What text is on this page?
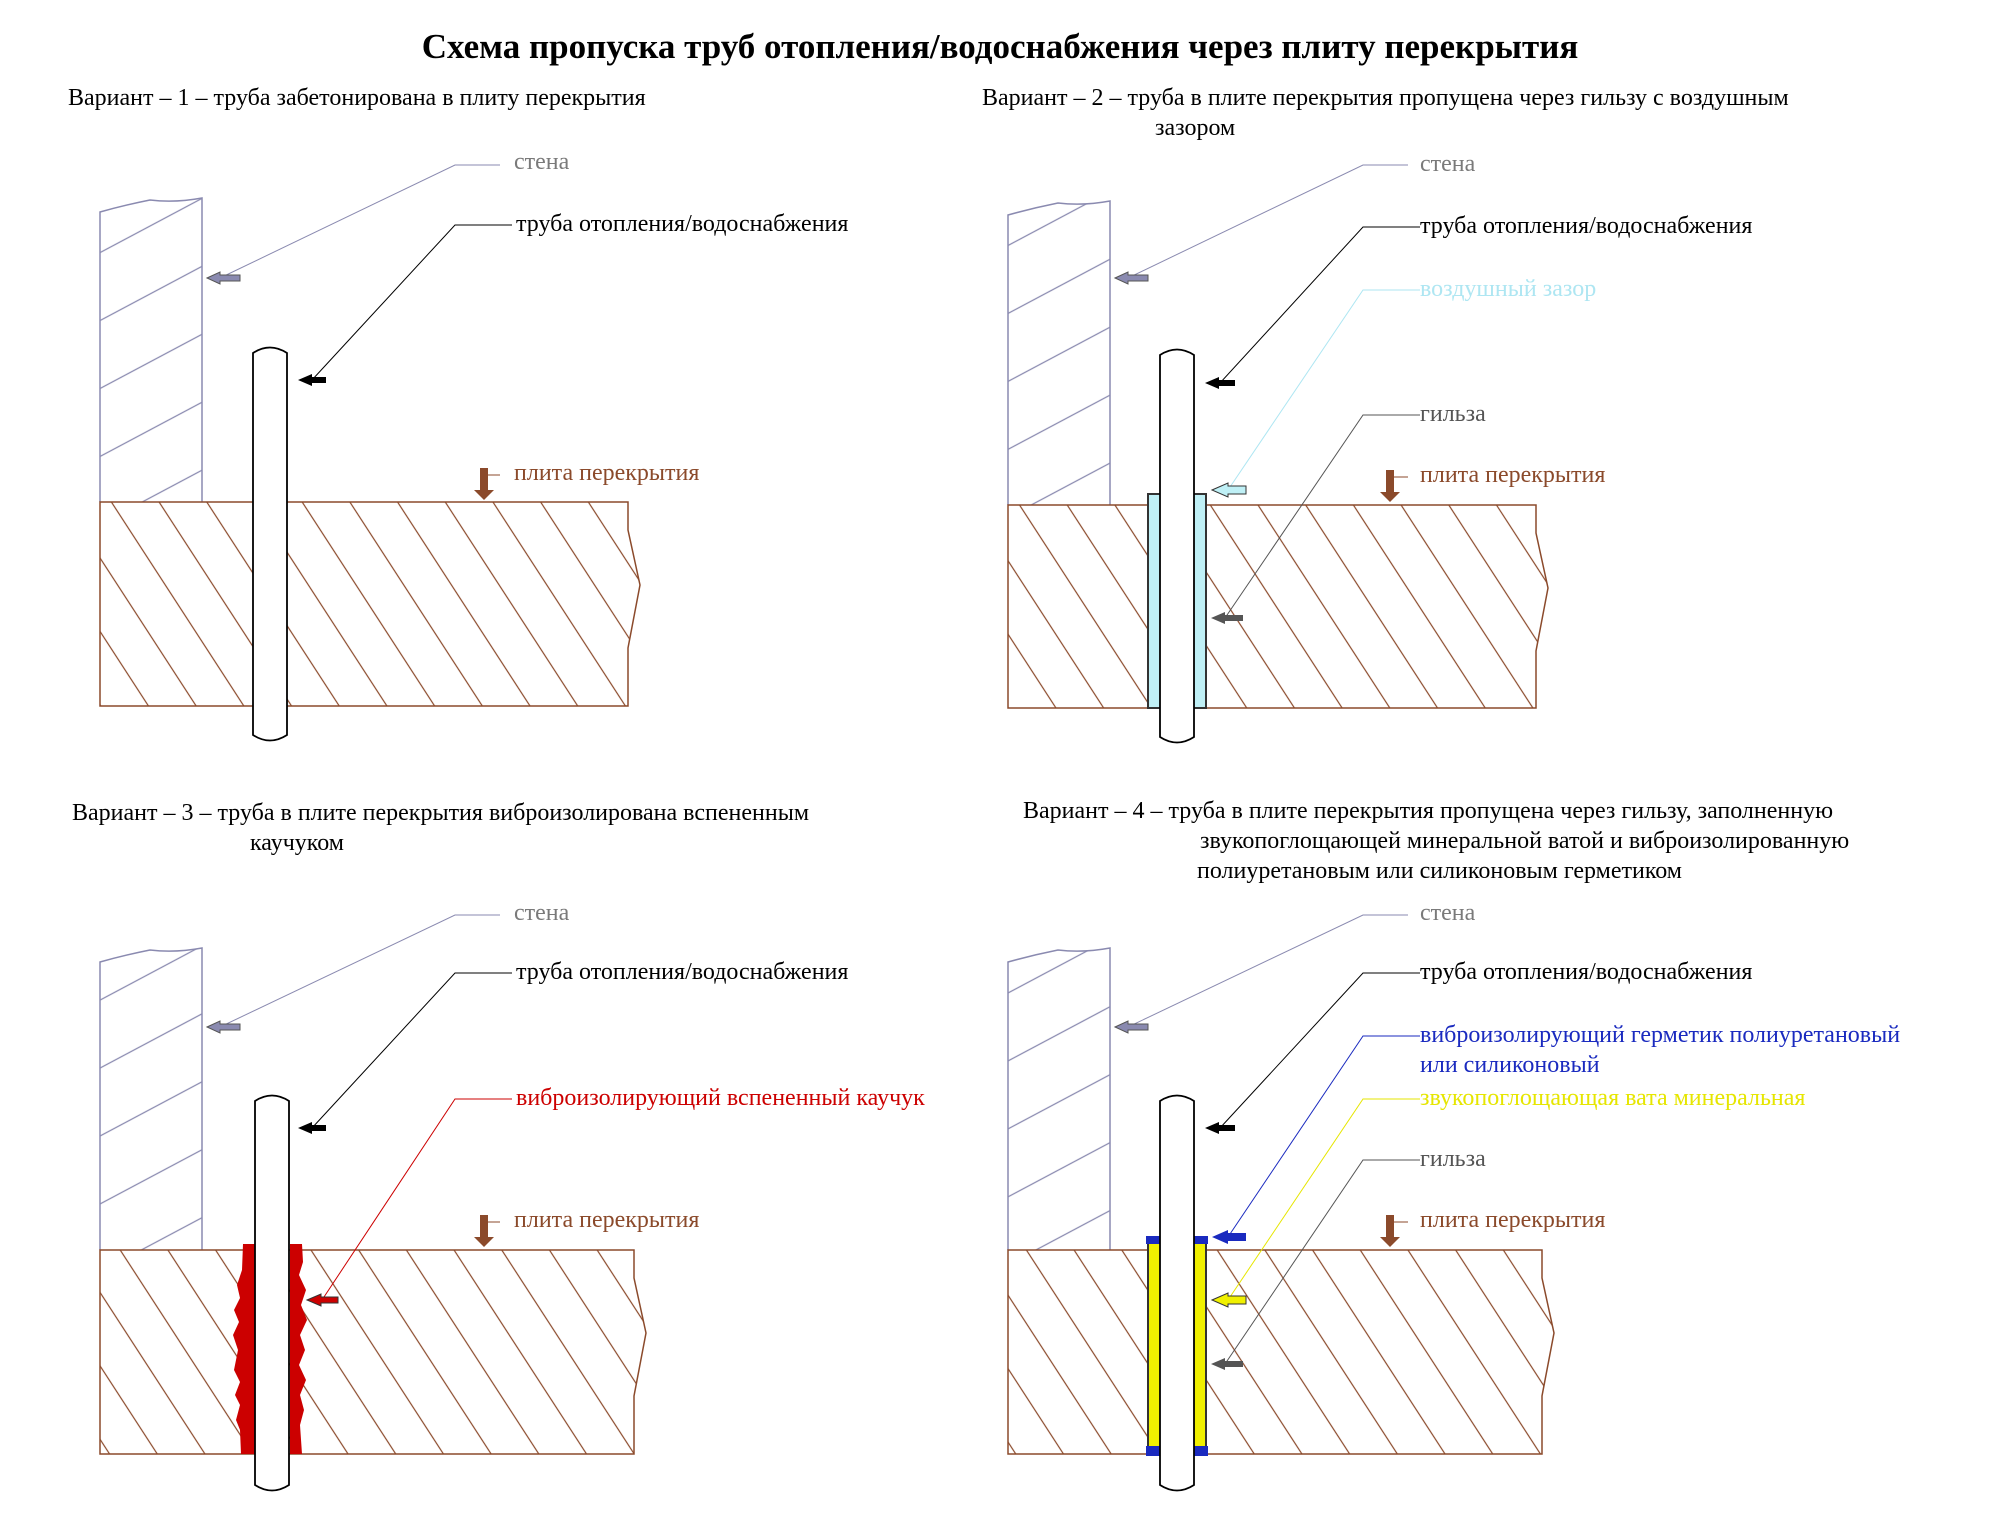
Схема пропуска труб отопления/водоснабжения через плиту перекрытия
Вариант – 1 – труба забетонирована в плиту перекрытия
стена
труба отопления/водоснабжения
плита перекрытия
Вариант – 2 – труба в плите перекрытия пропущена через гильзу с воздушным
зазором
стена
труба отопления/водоснабжения
воздушный зазор
гильза
плита перекрытия
Вариант – 3 – труба в плите перекрытия виброизолирована вспененным
каучуком
стена
труба отопления/водоснабжения
виброизолирующий вспененный каучук
плита перекрытия
Вариант – 4 – труба в плите перекрытия пропущена через гильзу, заполненную
звукопоглощающей минеральной ватой и виброизолированную
полиуретановым или силиконовым герметиком
стена
труба отопления/водоснабжения
виброизолирующий герметик полиуретановый
или силиконовый
звукопоглощающая вата минеральная
гильза
плита перекрытия
